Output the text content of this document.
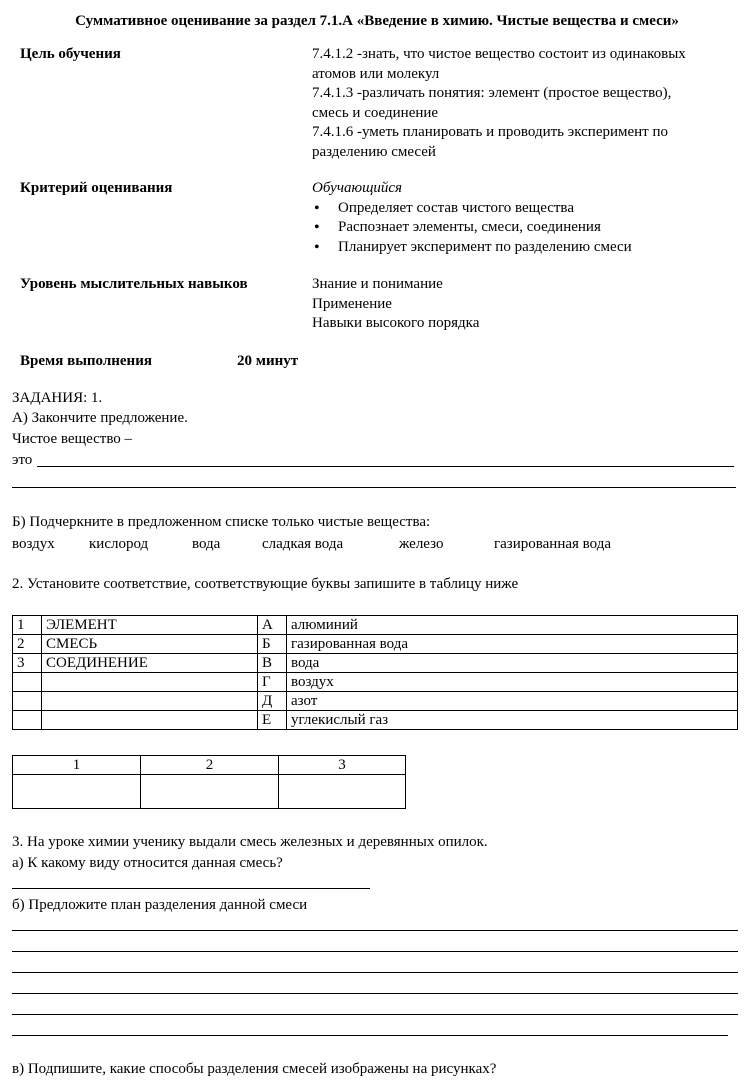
Суммативное оценивание за раздел 7.1.А «Введение в химию. Чистые вещества и смеси»
Цель обучения	7.4.1.2 -знать, что чистое вещество состоит из одинаковых
атомов или молекул
7.4.1.3 -различать понятия: элемент (простое вещество),
смесь и соединение
7.4.1.6 -уметь планировать и проводить эксперимент по
разделению смесей
Критерий оценивания	Обучающийся
• Определяет состав чистого вещества
• Распознает элементы, смеси, соединения
• Планирует эксперимент по разделению смеси
Уровень мыслительных навыков	Знание и понимание
Применение
Навыки высокого порядка
Время выполнения	20 минут
ЗАДАНИЯ: 1.
А) Закончите предложение.
Чистое вещество –
это
Б) Подчеркните в предложенном списке только чистые вещества:
воздух кислород	вода	сладкая вода	железо	газированная вода
2. Установите соответствие, соответствующие буквы запишите в таблицу ниже
1	ЭЛЕМЕНТ	А	алюминий
2	СМЕСЬ	Б	газированная вода
3	СОЕДИНЕНИЕ	В	вода
		Г	воздух
		Д	азот
		Е	углекислый газ
1	2	3

3. На уроке химии ученику выдали смесь железных и деревянных опилок.
а) К какому виду относится данная смесь?
б) Предложите план разделения данной смеси
в) Подпишите, какие способы разделения смесей изображены на рисунках?
